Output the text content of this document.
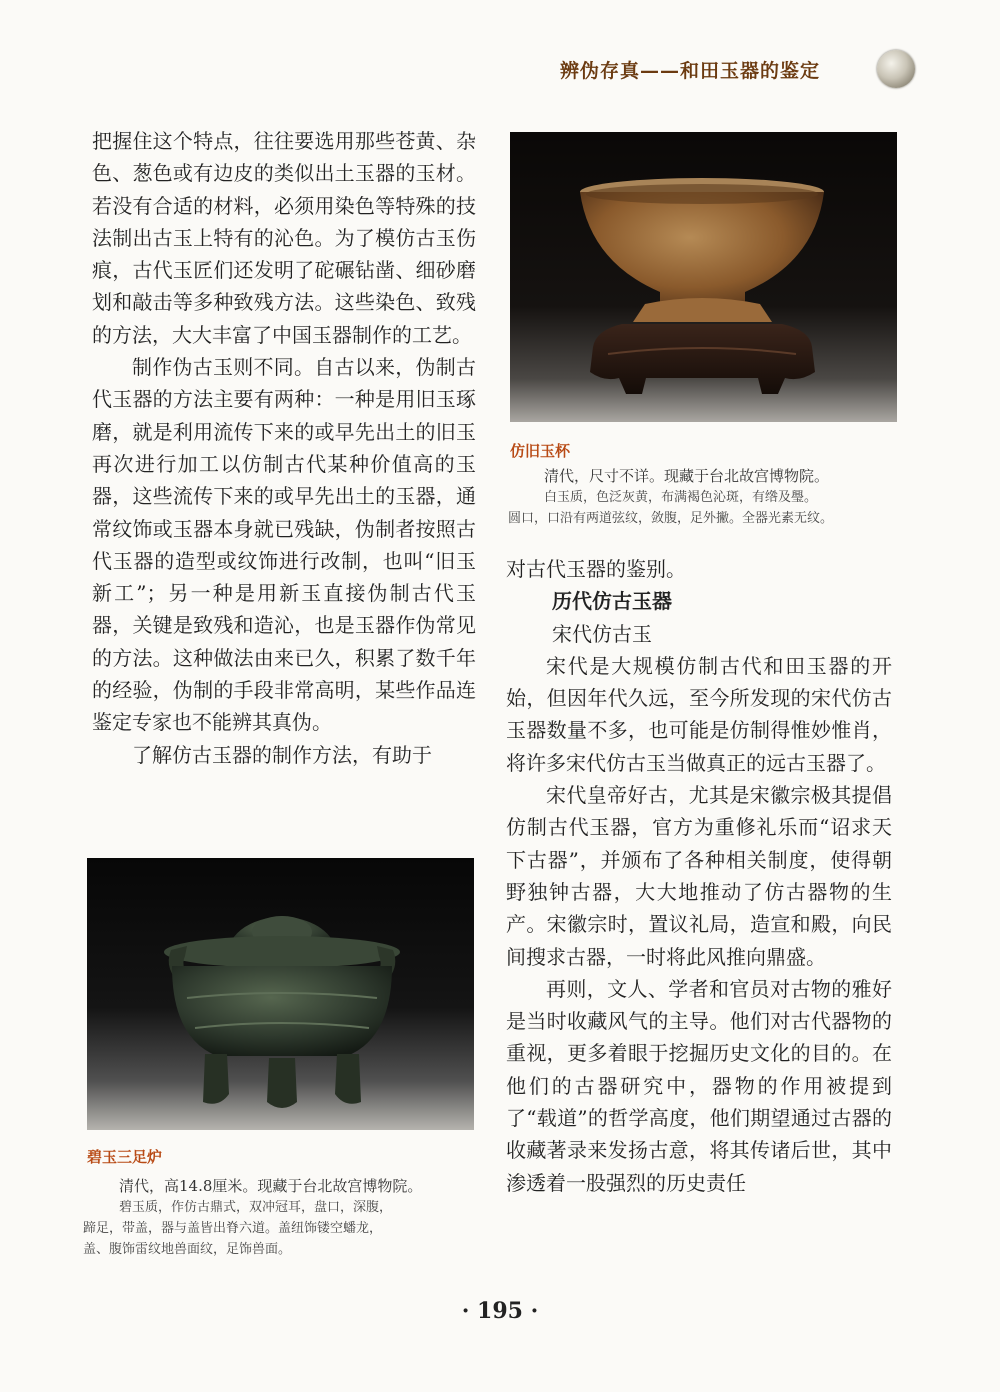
辨伪存真——和田玉器的鉴定

把握住这个特点，往往要选用那些苍黄、杂色、葱色或有边皮的类似出土玉器的玉材。若没有合适的材料，必须用染色等特殊的技法制出古玉上特有的沁色。为了模仿古玉伤痕，古代玉匠们还发明了砣碾钻凿、细砂磨划和敲击等多种致残方法。这些染色、致残的方法，大大丰富了中国玉器制作的工艺。

制作伪古玉则不同。自古以来，伪制古代玉器的方法主要有两种：一种是用旧玉琢磨，就是利用流传下来的或早先出土的旧玉再次进行加工以仿制古代某种价值高的玉器，这些流传下来的或早先出土的玉器，通常纹饰或玉器本身就已残缺，伪制者按照古代玉器的造型或纹饰进行改制，也叫“旧玉新工”；另一种是用新玉直接伪制古代玉器，关键是致残和造沁，也是玉器作伪常见的方法。这种做法由来已久，积累了数千年的经验，伪制的手段非常高明，某些作品连鉴定专家也不能辨其真伪。

了解仿古玉器的制作方法，有助于

仿旧玉杯
清代，尺寸不详。现藏于台北故宫博物院。
白玉质，色泛灰黄，布满褐色沁斑，有绺及璺。
圆口，口沿有两道弦纹，敛腹，足外撇。全器光素无纹。

对古代玉器的鉴别。

历代仿古玉器
宋代仿古玉

宋代是大规模仿制古代和田玉器的开始，但因年代久远，至今所发现的宋代仿古玉器数量不多，也可能是仿制得惟妙惟肖，将许多宋代仿古玉当做真正的远古玉器了。

宋代皇帝好古，尤其是宋徽宗极其提倡仿制古代玉器，官方为重修礼乐而“诏求天下古器”，并颁布了各种相关制度，使得朝野独钟古器，大大地推动了仿古器物的生产。宋徽宗时，置议礼局，造宣和殿，向民间搜求古器，一时将此风推向鼎盛。

再则，文人、学者和官员对古物的雅好是当时收藏风气的主导。他们对古代器物的重视，更多着眼于挖掘历史文化的目的。在他们的古器研究中，器物的作用被提到了“载道”的哲学高度，他们期望通过古器的收藏著录来发扬古意，将其传诸后世，其中渗透着一股强烈的历史责任

碧玉三足炉
清代，高14.8厘米。现藏于台北故宫博物院。
碧玉质，作仿古鼎式，双冲冠耳，盘口，深腹，
蹄足，带盖，器与盖皆出脊六道。盖纽饰镂空蟠龙，
盖、腹饰雷纹地兽面纹，足饰兽面。
· 195 ·
